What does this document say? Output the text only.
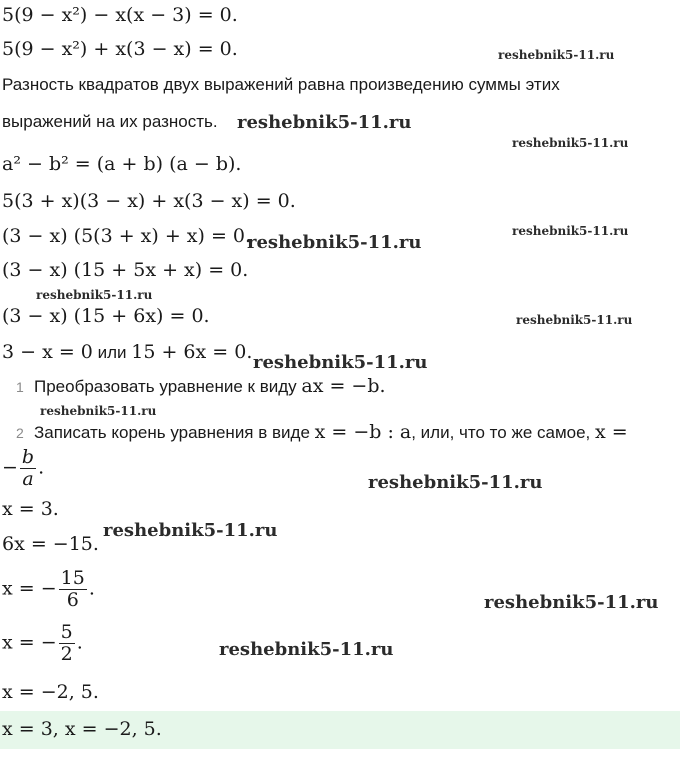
5(9 − x²) − x(x − 3) = 0.
5(9 − x²) + x(3 − x) = 0.	reshebnik5-11.ru
Разность квадратов двух выражений равна произведению суммы этих
выражений на их разность. reshebnik5-11.ru
reshebnik5-11.ru
a² − b² = (a + b) (a − b).
5(3 + x)(3 − x) + x(3 − x) = 0.
(3 − x) (5(3 + x) + x) = 0.
reshebnik5-11.ru
reshebnik5-11.ru
(3 − x) (15 + 5x + x) = 0.
reshebnik5-11.ru
(3 − x) (15 + 6x) = 0.	reshebnik5-11.ru
3 − x = 0 или 15 + 6x = 0. reshebnik5-11.ru
1 Преобразовать уравнение к виду ax = −b.
reshebnik5-11.ru
2 Записать корень уравнения в виде x = −b : a, или, что то же самое, x =
− $\frac{b}{a}$ .
reshebnik5-11.ru
x = 3.
6x = −15.
reshebnik5-11.ru
x = − $\frac{15}{6}$ .
reshebnik5-11.ru
x = − $\frac{5}{2}$ .	reshebnik5-11.ru
x = −2, 5.
x = 3, x = −2, 5.
